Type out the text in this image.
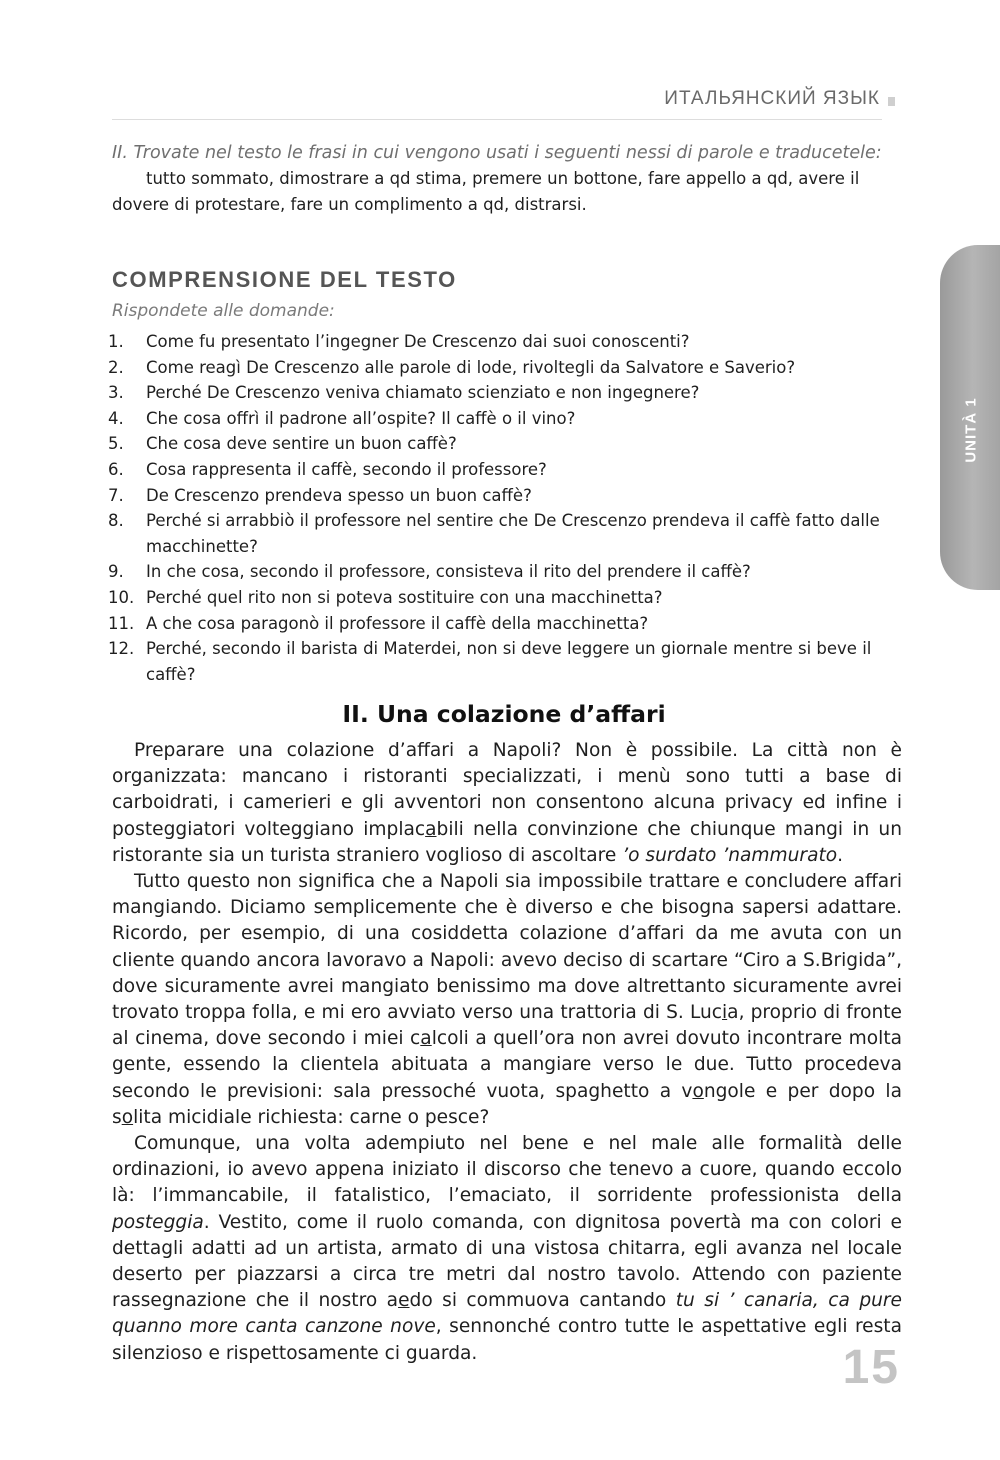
ИТАЛЬЯНСКИЙ ЯЗЫК

II. Trovate nel testo le frasi in cui vengono usati i seguenti nessi di parole e traducetele:

tutto sommato, dimostrare a qd stima, premere un bottone, fare appello a qd, avere il dovere di protestare, fare un complimento a qd, distrarsi.

COMPRENSIONE DEL TESTO

Rispondete alle domande:

1.	Come fu presentato l’ingegner De Crescenzo dai suoi conoscenti?
2.	Come reagì De Crescenzo alle parole di lode, rivoltegli da Salvatore e Saverio?
3.	Perché De Crescenzo veniva chiamato scienziato e non ingegnere?
4.	Che cosa offrì il padrone all’ospite? Il caffè o il vino?
5.	Che cosa deve sentire un buon caffè?
6.	Cosa rappresenta il caffè, secondo il professore?
7.	De Crescenzo prendeva spesso un buon caffè?
8.	Perché si arrabbiò il professore nel sentire che De Crescenzo prendeva il caffè fatto dalle macchinette?
9.	In che cosa, secondo il professore, consisteva il rito del prendere il caffè?
10. Perché quel rito non si poteva sostituire con una macchinetta?
11. A che cosa paragonò il professore il caffè della macchinetta?
12. Perché, secondo il barista di Materdei, non si deve leggere un giornale mentre si beve il caffè?
II. Una colazione d’affari

Preparare una colazione d’affari a Napoli? Non è possibile. La città non è organizzata: mancano i ristoranti specializzati, i menù sono tutti a base di carboidrati, i camerieri e gli avventori non consentono alcuna privacy ed infine i posteggiatori volteggiano implacabili nella convinzione che chiunque mangi in un ristorante sia un turista straniero voglioso di ascoltare ’o surdato ’nammurato.

Tutto questo non significa che a Napoli sia impossibile trattare e concludere affari mangiando. Diciamo semplicemente che è diverso e che bisogna sapersi adattare. Ricordo, per esempio, di una cosiddetta colazione d’affari da me avuta con un cliente quando ancora lavoravo a Napoli: avevo deciso di scartare “Ciro a S.Brigida”, dove sicuramente avrei mangiato benissimo ma dove altrettanto sicuramente avrei trovato troppa folla, e mi ero avviato verso una trattoria di S. Lucia, proprio di fronte al cinema, dove secondo i miei calcoli a quell’ora non avrei dovuto incontrare molta gente, essendo la clientela abituata a mangiare verso le due. Tutto procedeva secondo le previsioni: sala pressoché vuota, spaghetto a vongole e per dopo la solita micidiale richiesta: carne o pesce?

Comunque, una volta adempiuto nel bene e nel male alle formalità delle ordinazioni, io avevo appena iniziato il discorso che tenevo a cuore, quando eccolo là: l’immancabile, il fatalistico, l’emaciato, il sorridente professionista della posteggia. Vestito, come il ruolo comanda, con dignitosa povertà ma con colori e dettagli adatti ad un artista, armato di una vistosa chitarra, egli avanza nel locale deserto per piazzarsi a circa tre metri dal nostro tavolo. Attendo con paziente rassegnazione che il nostro aedo si commuova cantando tu si ’ canaria, ca pure quanno more canta canzone nove, sennonché contro tutte le aspettative egli resta silenzioso e rispettosamente ci guarda.

UNITÀ 1

15
